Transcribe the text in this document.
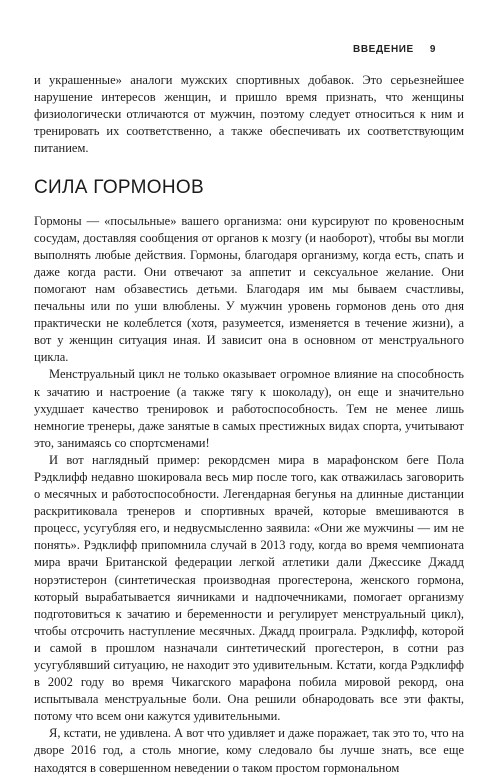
ВВЕДЕНИЕ 9

и украшенные» аналоги мужских спортивных добавок. Это серьезнейшее нарушение интересов женщин, и пришло время признать, что женщины физиологически отличаются от мужчин, поэтому следует относиться к ним и тренировать их соответственно, а также обеспечивать их соответствующим питанием.

СИЛА ГОРМОНОВ

Гормоны — «посыльные» вашего организма: они курсируют по кровеносным сосудам, доставляя сообщения от органов к мозгу (и наоборот), чтобы вы могли выполнять любые действия. Гормоны, благодаря организму, когда есть, спать и даже когда расти. Они отвечают за аппетит и сексуальное желание. Они помогают нам обзавестись детьми. Благодаря им мы бываем счастливы, печальны или по уши влюблены. У мужчин уровень гормонов день ото дня практически не колеблется (хотя, разумеется, изменяется в течение жизни), а вот у женщин ситуация иная. И зависит она в основном от менструального цикла.

Менструальный цикл не только оказывает огромное влияние на способность к зачатию и настроение (а также тягу к шоколаду), он еще и значительно ухудшает качество тренировок и работоспособность. Тем не менее лишь немногие тренеры, даже занятые в самых престижных видах спорта, учитывают это, занимаясь со спортсменами!

И вот наглядный пример: рекордсмен мира в марафонском беге Пола Рэдклифф недавно шокировала весь мир после того, как отважилась заговорить о месячных и работоспособности. Легендарная бегунья на длинные дистанции раскритиковала тренеров и спортивных врачей, которые вмешиваются в процесс, усугубляя его, и недвусмысленно заявила: «Они же мужчины — им не понять». Рэдклифф припомнила случай в 2013 году, когда во время чемпионата мира врачи Британской федерации легкой атлетики дали Джессике Джадд норэтистерон (синтетическая производная прогестерона, женского гормона, который вырабатывается яичниками и надпочечниками, помогает организму подготовиться к зачатию и беременности и регулирует менструальный цикл), чтобы отсрочить наступление месячных. Джадд проиграла. Рэдклифф, которой и самой в прошлом назначали синтетический прогестерон, в сотни раз усугублявший ситуацию, не находит это удивительным. Кстати, когда Рэдклифф в 2002 году во время Чикагского марафона побила мировой рекорд, она испытывала менструальные боли. Она решили обнародовать все эти факты, потому что всем они кажутся удивительными.

Я, кстати, не удивлена. А вот что удивляет и даже поражает, так это то, что на дворе 2016 год, а столь многие, кому следовало бы лучше знать, все еще находятся в совершенном неведении о таком простом гормональном
